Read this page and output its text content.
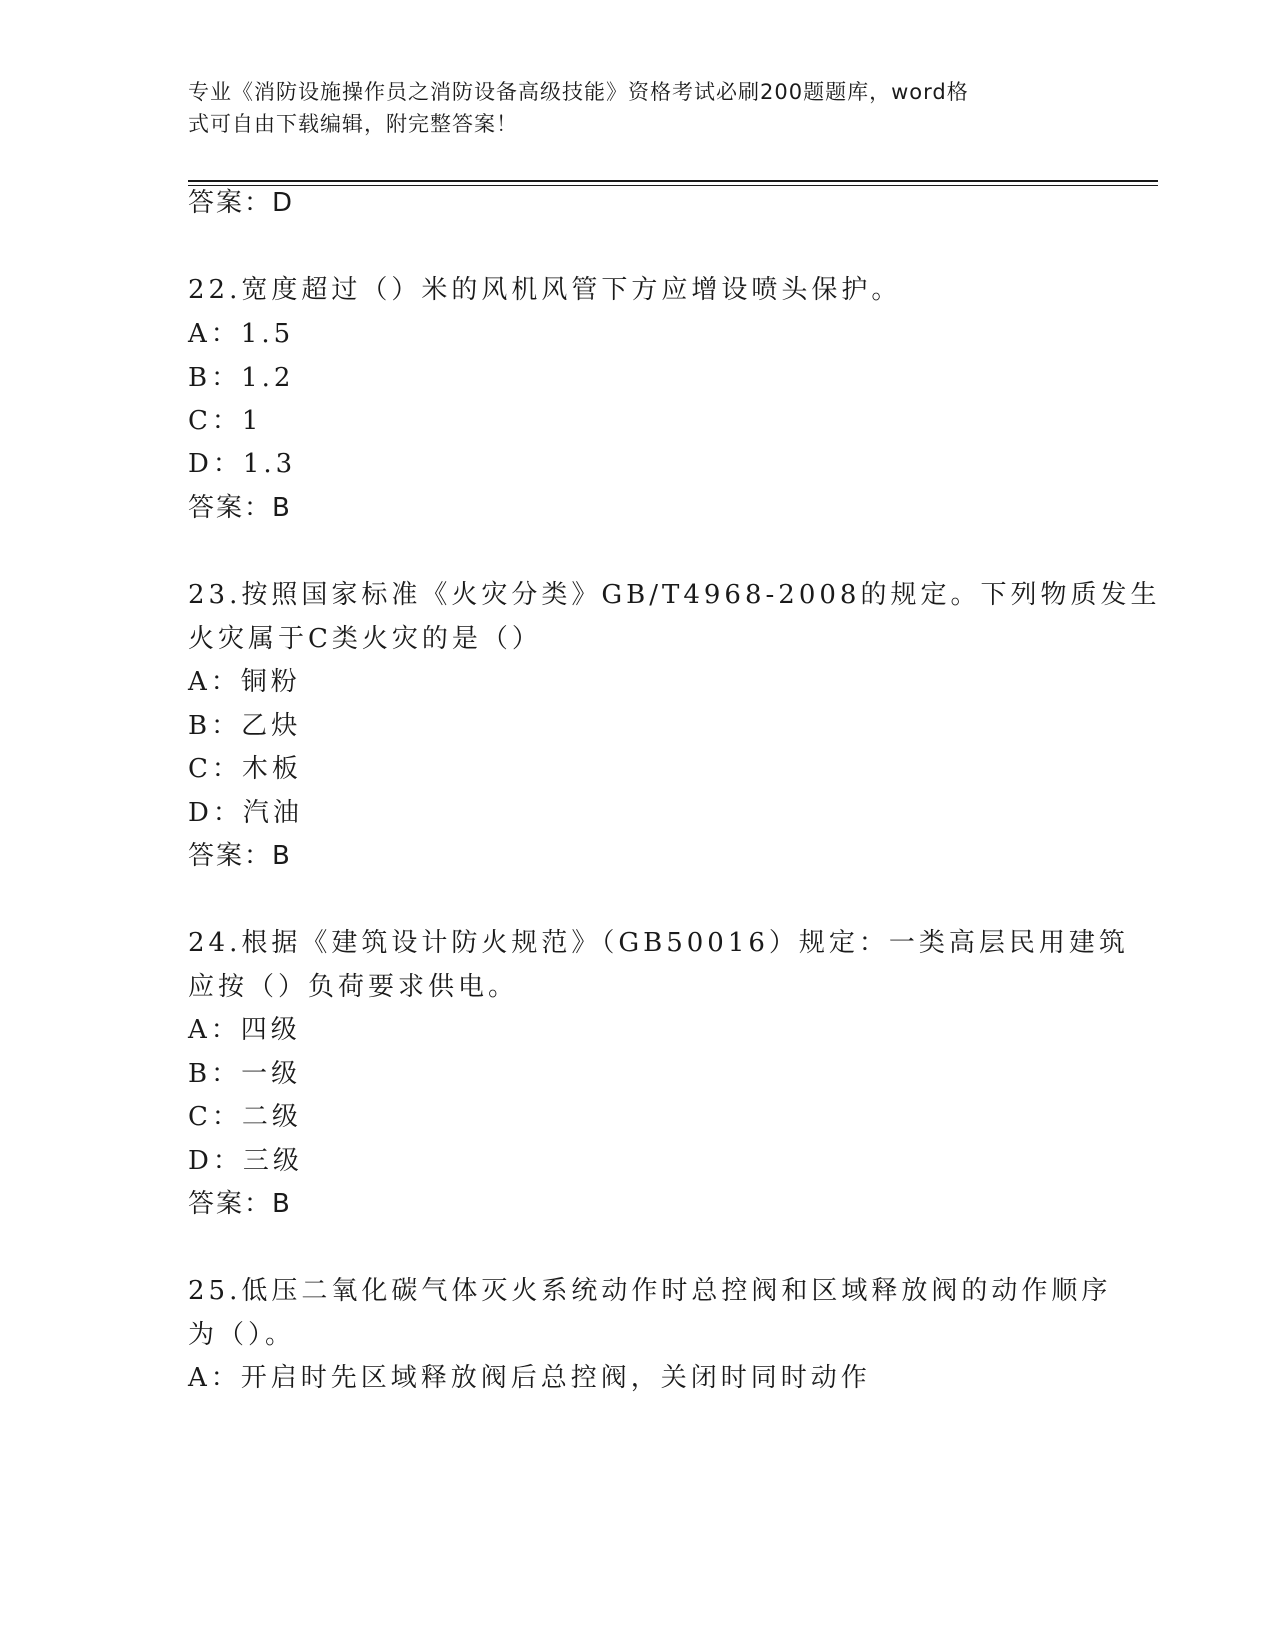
专业《消防设施操作员之消防设备高级技能》资格考试必刷200题题库，word格
式可自由下载编辑，附完整答案！
答案：D
22.宽度超过（）米的风机风管下方应增设喷头保护。
A：1.5
B：1.2
C：1
D：1.3
答案：B
23.按照国家标准《火灾分类》GB/T4968-2008的规定。下列物质发生
火灾属于C类火灾的是（）
A：铜粉
B：乙炔
C：木板
D：汽油
答案：B
24.根据《建筑设计防火规范》（GB50016）规定：一类高层民用建筑
应按（）负荷要求供电。
A：四级
B：一级
C：二级
D：三级
答案：B
25.低压二氧化碳气体灭火系统动作时总控阀和区域释放阀的动作顺序
为（）。
A：开启时先区域释放阀后总控阀，关闭时同时动作
